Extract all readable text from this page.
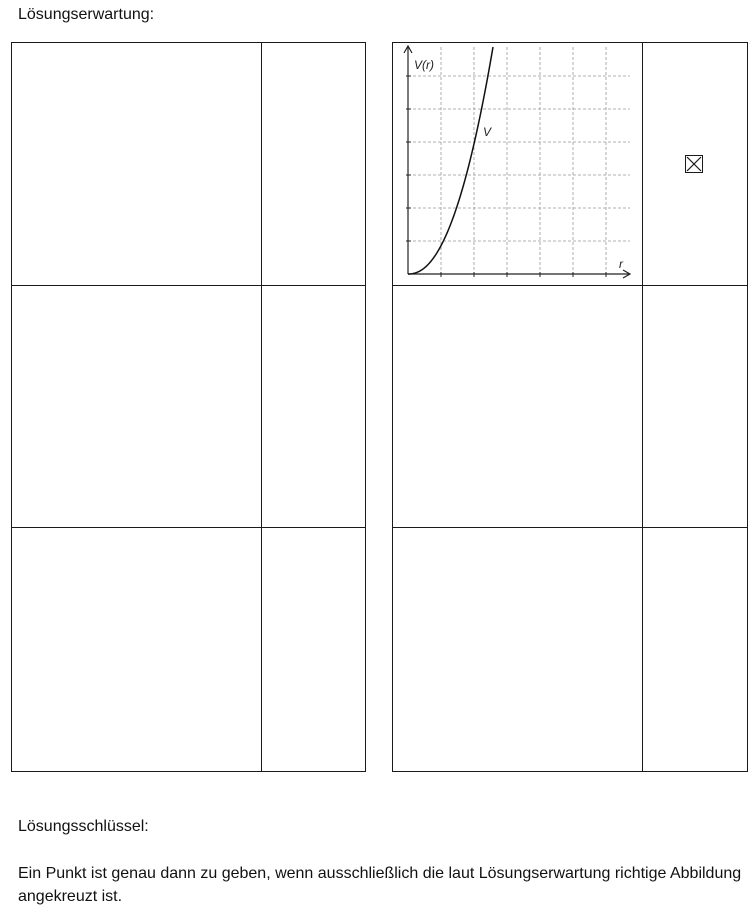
Lösungserwartung:
V(r)
r
V
Lösungsschlüssel:
Ein Punkt ist genau dann zu geben, wenn ausschließlich die laut Lösungserwartung richtige Abbildung angekreuzt ist.
